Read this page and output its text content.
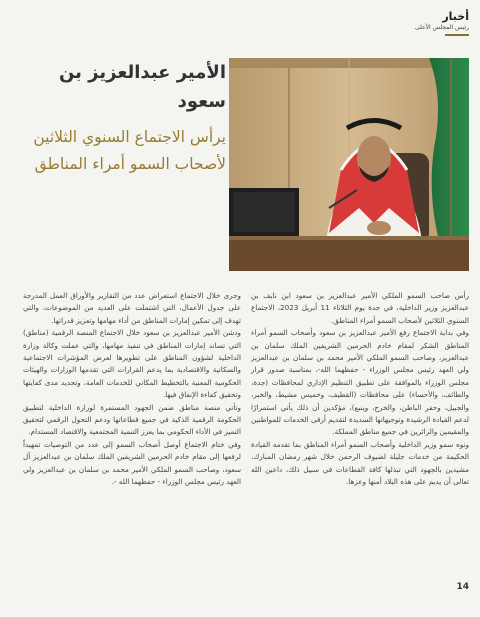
أخبار
رئيس المجلس الأعلى
الأمير عبدالعزيز بن سعود
يرأس الاجتماع السنوي الثلاثين لأصحاب السمو أمراء المناطق

رأس صاحب السمو الملكي الأمير عبدالعزيز بن سعود ابن نايف بن عبدالعزيز وزير الداخلية، في جدة يوم الثلاثاء 11 أبريل 2023، الاجتماع السنوي الثلاثين لأصحاب السمو أمراء المناطق.

وفي بداية الاجتماع رفع الأمير عبدالعزيز بن سعود وأصحاب السمو أمراء المناطق الشكر لمقام خادم الحرمين الشريفين الملك سلمان بن عبدالعزيز، وصاحب السمو الملكي الأمير محمد بن سلمان بن عبدالعزيز ولي العهد رئيس مجلس الوزراء - حفظهما الله-، بمناسبة صدور قرار مجلس الوزراء بالموافقة على تطبيق التنظيم الإداري لمحافظات (جدة، والطائف، والأحساء) على محافظات (القطيف، وخميس مشيط، والخبر، والجبيل، وحفر الباطن، والخرج، وينبع)، مؤكدين أن ذلك يأتي استمرارًا لدعم القيادة الرشيدة وتوجيهاتها السديدة لتقديم أرقى الخدمات للمواطنين والمقيمين والزائرين في جميع مناطق المملكة.

ونوه سمو وزير الداخلية وأصحاب السمو أمراء المناطق بما تقدمه القيادة الحكيمة من خدمات جليلة لضيوف الرحمن خلال شهر رمضان المبارك، مشيدين بالجهود التي تبذلها كافة القطاعات في سبيل ذلك، داعين الله تعالى أن يديم على هذه البلاد أمنها وعزها.

وجرى خلال الاجتماع استعراض عدد من التقارير والأوراق العمل المدرجة على جدول الأعمال، التي اشتملت على العديد من الموضوعات، والتي تهدف إلى تمكين إمارات المناطق من أداء مهامها وتعزيز قدراتها.

ودشن الأمير عبدالعزيز بن سعود خلال الاجتماع المنصة الرقمية (مناطق) التي تساند إمارات المناطق في تنفيذ مهامها، والتي عملت وكالة وزارة الداخلية لشؤون المناطق على تطويرها لعرض المؤشرات الاجتماعية والسكانية والاقتصادية بما يدعم القرارات التي تقدمها الوزارات والهيئات الحكومية المعنية بالتخطيط المكاني للخدمات العامة، وتحديد مدى كفايتها وتحقيق كفاءة الإنفاق فيها.

وتأتي منصة مناطق ضمن الجهود المستمرة لوزارة الداخلية لتطبيق الحكومة الرقمية الذكية في جميع قطاعاتها ودعم التحول الرقمي لتحقيق التميز في الأداء الحكومي بما يعزز التنمية المجتمعية والاقتصاد المستدام.

وفي ختام الاجتماع أوصل أصحاب السمو إلى عدد من التوصيات تمهيداً لرفعها إلى مقام خادم الحرمين الشريفين الملك سلمان بن عبدالعزيز آل سعود، وصاحب السمو الملكي الأمير محمد بن سلمان بن عبدالعزيز ولي العهد رئيس مجلس الوزراء - حفظهما الله -.

14
